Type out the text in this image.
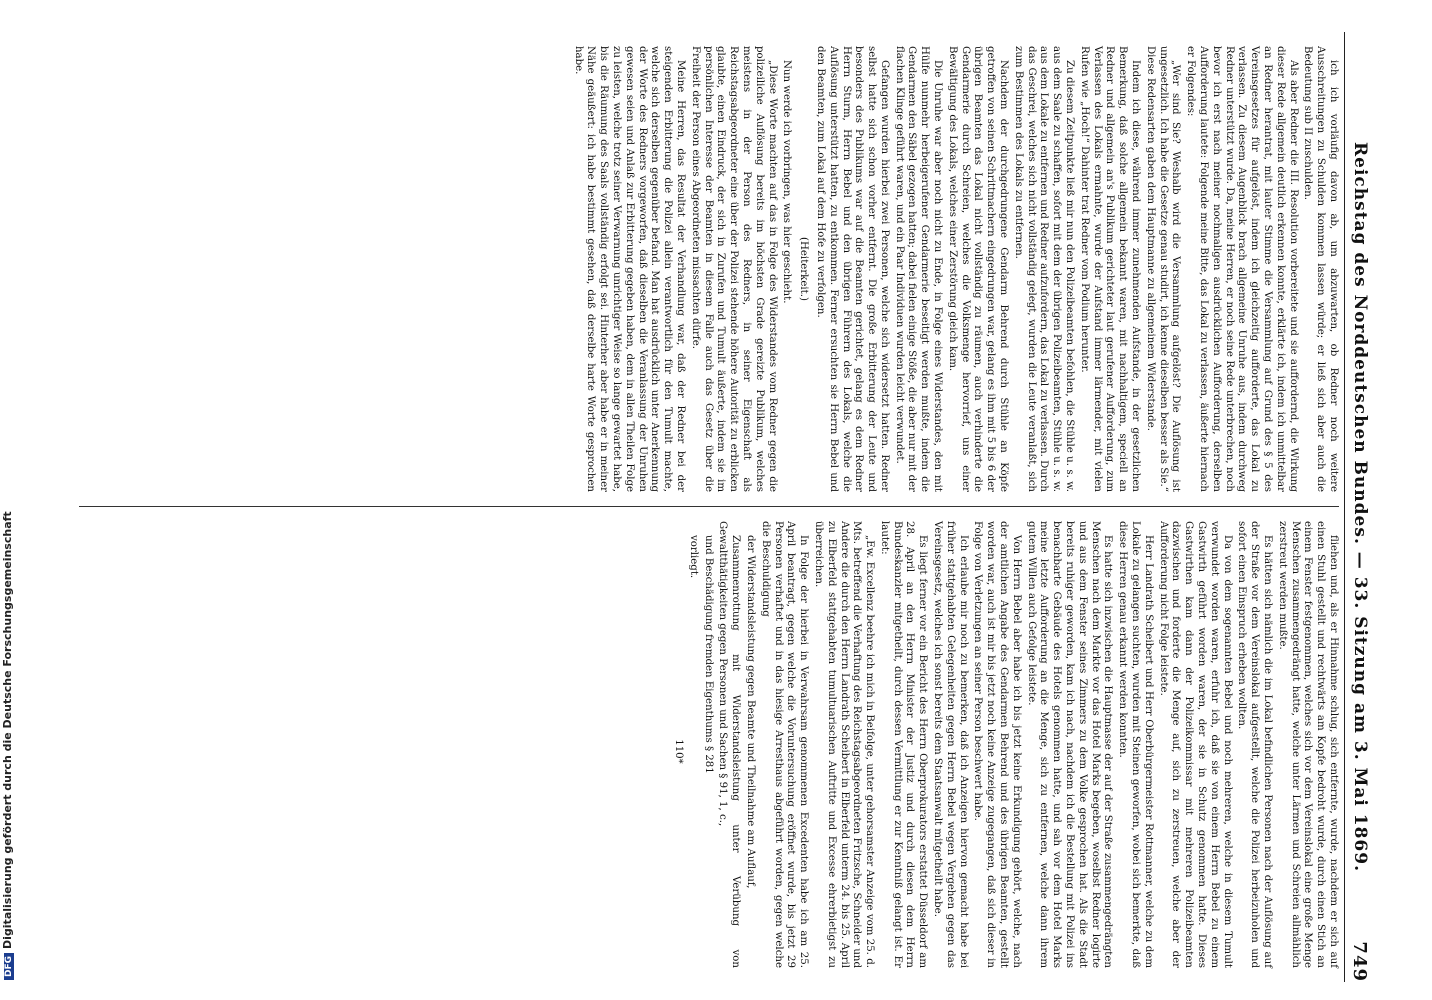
DFGDigitalisierung gefördert durch die Deutsche Forschungsgemeinschaft	Reichstag des Norddeutschen Bundes. — 33. Sitzung am 3. Mai 1869.
749

ich ich vorläufig davon ab, um abzuwarten, ob Redner noch weitere Ausschreitungen zu Schulden kommen lassen würde; er ließ sich aber auch die Bedeutung sub II zuschulden.

Als aber Redner die III. Resolution vorbereitete und sie auffordernd, die Wirkung dieser Rede allgemein deutlich erkennen konnte, erklärte ich, indem ich unmittelbar an Redner herantrat, mit lauter Stimme die Versammlung auf Grund des § 5 des Vereinsgesetzes für aufgelöst, indem ich gleichzeitig aufforderte, das Lokal zu verlassen. Zu diesem Augenblick brach allgemeine Unruhe aus, indem durchweg Redner unterstützt wurde. Da, meine Herren, er noch seine Rede unterbrechen, noch bevor ich erst nach meiner nochmaligen ausdrücklichen Aufforderung, derselben Aufforderung lautete: Folgende meine Bitte, das Lokal zu verlassen, äußerte hiernach er Folgendes:

„Wer sind Sie? Weshalb wird die Versammlung aufgelöst? Die Auflösung ist ungesetzlich. Ich habe die Gesetze genau studirt, ich kenne dieselben besser als Sie.“ Diese Redensarten gaben dem Hauptmanne zu allgemeinem Widerstande.

Indem ich diese, während immer zunehmenden Aufstande, in der gesetzlichen Bemerkung, daß solche allgemein bekannt waren, mit nachhaltigem, speciell an Redner und allgemein an's Publikum gerichteter laut gerufener Aufforderung, zum Verlassen des Lokals ermahnte, wurde der Aufstand immer lärmender, mit vielen Rufen wie „Hoch!“ Dahinter trat Redner vom Podium herunter.

Zu diesem Zeitpunkte ließ mir nun den Polizeibeamten befohlen, die Stühle u. s. w. aus dem Saale zu schaffen, sofort mit dem der übrigen Polizeibeamten, Stühle u. s. w. aus dem Lokale zu entfernen und Redner aufzufordern, das Lokal zu verlassen. Durch das Geschrei, welches sich nicht vollständig gelegt, wurden die Leute veranlaßt, sich zum Bestimmen des Lokals zu entfernen.

Nachdem der durchgedrungene Gendarm Behrend durch Stühle an Köpfe getroffen von seinen Schrittmachern eingedrungen war, gelang es ihm mit 5 bis 6 der übrigen Beamten das Lokal nicht vollständig zu räumen, auch verhinderte die Gendarmerie durch Schreien, welches die Volksmenge hervorrief, uns einer Bewältigung des Lokals, welches einer Zerstörung gleich kam.

Die Unruhe war aber noch nicht zu Ende, in Folge eines Widerstandes, den mit Hülfe nunmehr herbeigerufener Gendarmerie beseitigt werden mußte, indem die Gendarmen den Säbel gezogen hatten; dabei fielen einige Stöße, die aber nur mit der flachen Klinge geführt waren, und ein Paar Individuen wurden leicht verwundet.

Gefangen wurden hierbei zwei Personen, welche sich widersetzt hatten. Redner selbst hatte sich schon vorher entfernt. Die große Erbitterung der Leute und besonders des Publikums war auf die Beamten gerichtet, gelang es dem Redner Herrn Sturm, Herrn Bebel und den übrigen Führern des Lokals, welche die Auflösung unterstützt hatten, zu entkommen. Ferner ersuchten sie Herrn Bebel und den Beamten, zum Lokal auf dem Hofe zu verfolgen.

(Heiterkeit.)

Nun werde ich vorbringen, was hier geschieht.

„Diese Worte machten auf das in Folge des Widerstandes vom Redner gegen die polizeiliche Auflösung bereits im höchsten Grade gereizte Publikum, welches meistens in der Person des Redners, in seiner Eigenschaft als Reichstagsabgeordneter eine über der Polizei stehende höhere Autorität zu erblicken glaubte, einen Eindruck, der sich in Zurufen und Tumult äußerte, indem sie im persönlichen Interesse der Beamten in diesem Falle auch das Gesetz über die Freiheit der Person eines Abgeordneten missachten dürfe.

Meine Herren, das Resultat der Verhandlung war, daß der Redner bei der steigenden Erbitterung die Polizei allein verantwortlich für den Tumult machte, welche sich derselben gegenüber befand. Man hat ausdrücklich unter Anerkennung der Worte des Redners vorgeworfen, daß dieselben die Veranlassung der Unruhen gewesen seien und Anlaß zur Erbitterung gegeben haben, dem in allen Theilen Folge zu leisten, welche trotz seiner Verwarnung unrichtiger Weise so lange gewartet habe, bis die Räumung des Saals vollständig erfolgt sei. Hinterher aber habe er in meiner Nähe geäußert: ich habe bestimmt gesehen, daß derselbe harte Worte gesprochen habe.

fliehen und, als er Hinnahme schlug, sich entfernte, wurde, nachdem er sich auf einen Stuhl gestellt und rechtwärts am Kopfe bedroht wurde, durch einen Stich an einem Fenster festgenommen, welches sich vor dem Vereinslokal eine große Menge Menschen zusammengedrängt hatte, welche unter Lärmen und Schreien allmählich zerstreut werden mußte.

Es hätten sich nämlich die im Lokal befindlichen Personen nach der Auflösung auf der Straße vor dem Vereinslokal aufgestellt, welche die Polizei herbeizuholen und sofort einen Einspruch erheben wollten.

Da von dem sogenannten Bebel und noch mehreren, welche in diesem Tumult verwundet worden waren, erfuhr ich, daß sie von einem Herrn Bebel zu einem Gastwirth geführt worden waren, der sie in Schutz genommen hatte. Dieses Gastwirthen kam dann der Polizeikommissar mit mehreren Polizeibeamten dazwischen und forderte die Menge auf, sich zu zerstreuen, welche aber der Aufforderung nicht Folge leistete.

Herr Landrath Scheibert und Herr Oberbürgermeister Rottmanner, welche zu dem Lokale zu gelangen suchten, wurden mit Steinen geworfen, wobei sich bemerkte, daß diese Herren genau erkannt werden konnten.

Es hatte sich inzwischen die Hauptmasse der auf der Straße zusammengedrängten Menschen nach dem Markte vor das Hotel Marks begeben, woselbst Redner logirte und aus dem Fenster seines Zimmers zu dem Volke gesprochen hat. Als die Stadt bereits ruhiger geworden, kam ich nach, nachdem ich die Bestellung mit Polizei ins benachbarte Gebäude des Hotels genommen hatte, und sah vor dem Hotel Marks meine letzte Aufforderung an die Menge, sich zu entfernen, welche dann ihrem gutem Willen auch Gefolge leistete.

Von Herrn Bebel aber habe ich bis jetzt keine Erkundigung gehört, welche, nach der amtlichen Angabe des Gendarmen Behrend und des übrigen Beamten, gestellt worden war, auch ist mir bis jetzt noch keine Anzeige zugegangen, daß sich dieser in Folge von Verletzungen an seiner Person beschwert habe.

Ich erlaube mir noch zu bemerken, daß ich Anzeigen hiervon gemacht habe bei früher stattgehabten Gelegenheiten gegen Herrn Bebel wegen Vergehen gegen das Vereinsgesetz, welches ich sonst bereits dem Staatsanwalt mitgetheilt habe.

Es liegt ferner vor ein Bericht des Herrn Oberprokurators erstattet Düsseldorf am 28. April an den Herrn Minister der Justiz und durch diesen dem Herrn Bundeskanzler mitgetheilt, durch dessen Vermittlung er zur Kenntniß gelangt ist. Er lautet:

„Ew. Excellenz beehre ich mich in Beifolge, unter gehorsamster Anzeige vom 25. d. Mts. betreffend die Verhaftung des Reichstagsabgeordneten Fritzsche, Schneider und Andere die durch den Herrn Landrath Scheibert in Elberfeld unterm 24. bis 25. April zu Elberfeld stattgehabten tumultuarischen Auftritte und Excesse ehrerbietigst zu überreichen.

In Folge der hierbei in Verwahrsam genommenen Excedenten habe ich am 25. April beantragt, gegen welche die Voruntersuchung eröffnet wurde, bis jetzt 29 Personen verhaftet und in das hiesige Arresthaus abgeführt worden, gegen welche die Beschuldigung

der Widerstandsleistung gegen Beamte und Theilnahme am Auflauf,

Zusammenrottung mit Widerstandsleistung unter Verübung von Gewaltthätigkeiten gegen Personen und Sachen § 91, 1, c.,

und Beschädigung fremden Eigenthums § 281

vorliegt.

110*
